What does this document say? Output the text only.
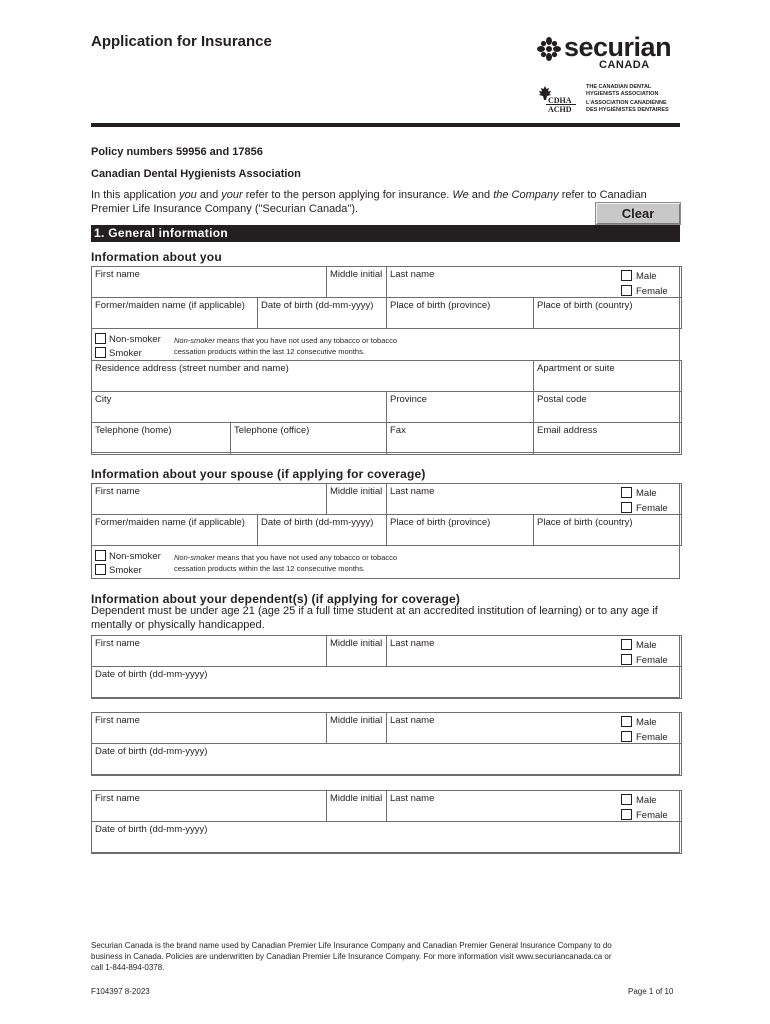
Application for Insurance	securian
CANADA
CDHA
ACHD
THE CANADIAN DENTAL
HYGIENISTS ASSOCIATION
L'ASSOCIATION CANADIENNE
DES HYGIÉNISTES DENTAIRES
Policy numbers 59956 and 17856
Canadian Dental Hygienists Association
In this application you and your refer to the person applying for insurance. We and the Company refer to Canadian
Premier Life Insurance Company ("Securian Canada").	Clear
1. General information
Information about you
First name	Middle initial Last name	Male
Female
Former/maiden name (if applicable)	Date of birth (dd-mm-yyyy)	Place of birth (province)	Place of birth (country)
Non-smoker
Smoker
Non-smoker means that you have not used any tobacco or tobacco
cessation products within the last 12 consecutive months.
Residence address (street number and name)	Apartment or suite
City	Province	Postal code
Telephone (home)	Telephone (office)	Fax	Email address
Information about your spouse (if applying for coverage)
First name	Middle initial Last name	Male
Female
Former/maiden name (if applicable)	Date of birth (dd-mm-yyyy)	Place of birth (province)	Place of birth (country)
Non-smoker
Smoker
Non-smoker means that you have not used any tobacco or tobacco
cessation products within the last 12 consecutive months.
Information about your dependent(s) (if applying for coverage)
Dependent must be under age 21 (age 25 if a full time student at an accredited institution of learning) or to any age if
mentally or physically handicapped.
First name	Middle initial Last name	Male
Female
Date of birth (dd-mm-yyyy)
First name	Middle initial Last name	Male
Female
Date of birth (dd-mm-yyyy)
First name	Middle initial Last name	Male
Female
Date of birth (dd-mm-yyyy)
Securian Canada is the brand name used by Canadian Premier Life Insurance Company and Canadian Premier General Insurance Company to do
business in Canada. Policies are underwritten by Canadian Premier Life Insurance Company. For more information visit www.securiancanada.ca or
call 1-844-894-0378.
F104397 8-2023	Page 1 of 10
